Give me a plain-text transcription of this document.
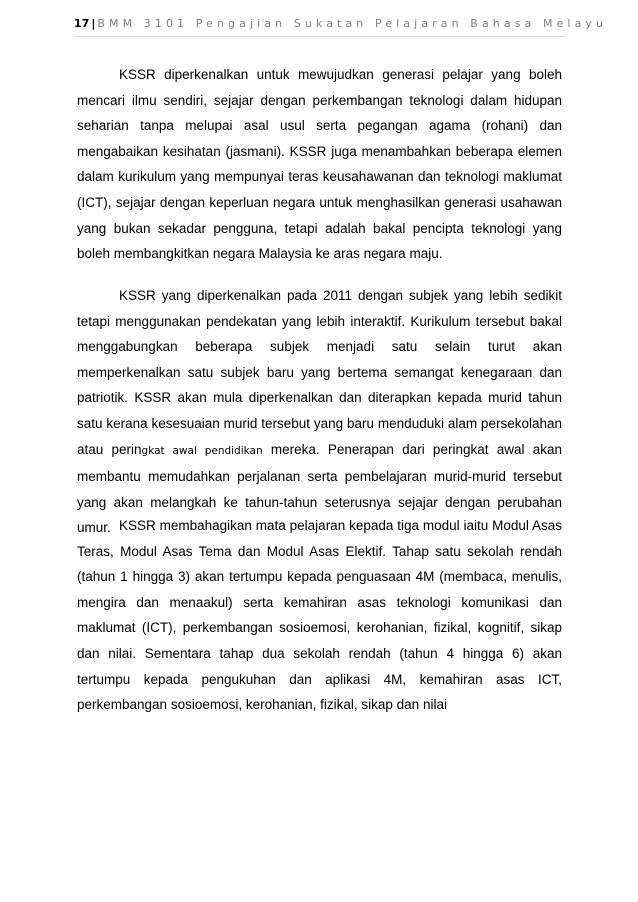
17 | BMM 3101 Pengajian Sukatan Pelajaran Bahasa Melayu

KSSR diperkenalkan untuk mewujudkan generasi pelajar yang boleh mencari ilmu sendiri, sejajar dengan perkembangan teknologi dalam hidupan seharian tanpa melupai asal usul serta pegangan agama (rohani) dan mengabaikan kesihatan (jasmani). KSSR juga menambahkan beberapa elemen dalam kurikulum yang mempunyai teras keusahawanan dan teknologi maklumat (ICT), sejajar dengan keperluan negara untuk menghasilkan generasi usahawan yang bukan sekadar pengguna, tetapi adalah bakal pencipta teknologi yang boleh membangkitkan negara Malaysia ke aras negara maju.

KSSR yang diperkenalkan pada 2011 dengan subjek yang lebih sedikit tetapi menggunakan pendekatan yang lebih interaktif. Kurikulum tersebut bakal menggabungkan beberapa subjek menjadi satu selain turut akan memperkenalkan satu subjek baru yang bertema semangat kenegaraan dan patriotik. KSSR akan mula diperkenalkan dan diterapkan kepada murid tahun satu kerana kesesuaian murid tersebut yang baru menduduki alam persekolahan atau peringkat awal pendidikan mereka. Penerapan dari peringkat awal akan membantu memudahkan perjalanan serta pembelajaran murid-murid tersebut yang akan melangkah ke tahun-tahun seterusnya sejajar dengan perubahan umur. KSSR membahagikan mata pelajaran kepada tiga modul iaitu Modul Asas Teras, Modul Asas Tema dan Modul Asas Elektif. Tahap satu sekolah rendah (tahun 1 hingga 3) akan tertumpu kepada penguasaan 4M (membaca, menulis, mengira dan menaakul) serta kemahiran asas teknologi komunikasi dan maklumat (ICT), perkembangan sosioemosi, kerohanian, fizikal, kognitif, sikap dan nilai. Sementara tahap dua sekolah rendah (tahun 4 hingga 6) akan tertumpu kepada pengukuhan dan aplikasi 4M, kemahiran asas ICT, perkembangan sosioemosi, kerohanian, fizikal, sikap dan nilai
